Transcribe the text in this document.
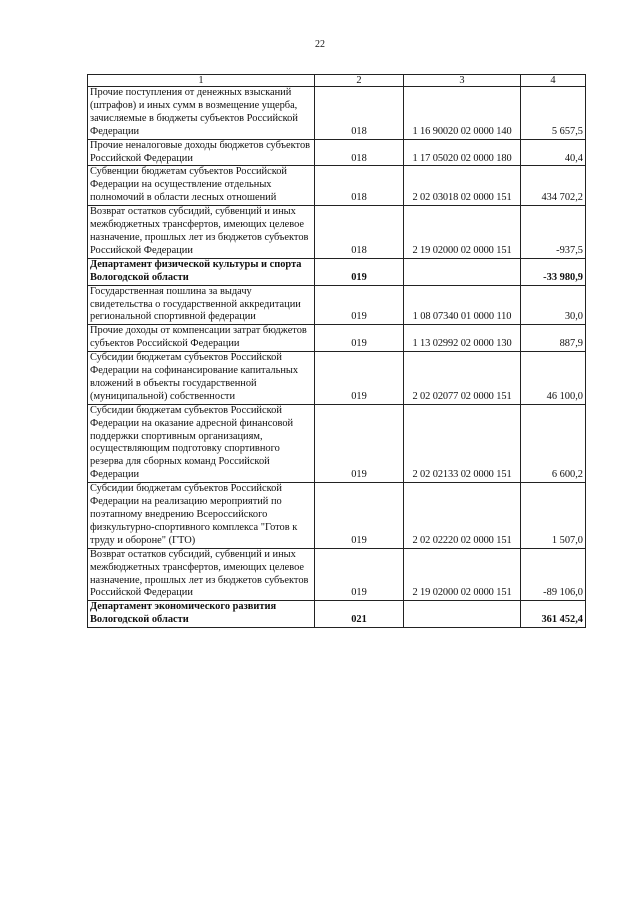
22
1	2	3	4
Прочие поступления от денежных взысканий (штрафов) и иных сумм в возмещение ущерба, зачисляемые в бюджеты субъектов Российской Федерации	018	1 16 90020 02 0000 140	5 657,5
Прочие неналоговые доходы бюджетов субъектов Российской Федерации	018	1 17 05020 02 0000 180	40,4
Субвенции бюджетам субъектов Российской Федерации на осуществление отдельных полномочий в области лесных отношений	018	2 02 03018 02 0000 151	434 702,2
Возврат остатков субсидий, субвенций и иных межбюджетных трансфертов, имеющих целевое назначение, прошлых лет из бюджетов субъектов Российской Федерации	018	2 19 02000 02 0000 151	-937,5
Департамент физической культуры и спорта Вологодской области	019		-33 980,9
Государственная пошлина за выдачу свидетельства о государственной аккредитации региональной спортивной федерации	019	1 08 07340 01 0000 110	30,0
Прочие доходы от компенсации затрат бюджетов субъектов Российской Федерации	019	1 13 02992 02 0000 130	887,9
Субсидии бюджетам субъектов Российской Федерации на софинансирование капитальных вложений в объекты государственной (муниципальной) собственности	019	2 02 02077 02 0000 151	46 100,0
Субсидии бюджетам субъектов Российской Федерации на оказание адресной финансовой поддержки спортивным организациям, осуществляющим подготовку спортивного резерва для сборных команд Российской Федерации	019	2 02 02133 02 0000 151	6 600,2
Субсидии бюджетам субъектов Российской Федерации на реализацию мероприятий по поэтапному внедрению Всероссийского физкультурно-спортивного комплекса "Готов к труду и обороне" (ГТО)	019	2 02 02220 02 0000 151	1 507,0
Возврат остатков субсидий, субвенций и иных межбюджетных трансфертов, имеющих целевое назначение, прошлых лет из бюджетов субъектов Российской Федерации	019	2 19 02000 02 0000 151	-89 106,0
Департамент экономического развития Вологодской области	021		361 452,4
